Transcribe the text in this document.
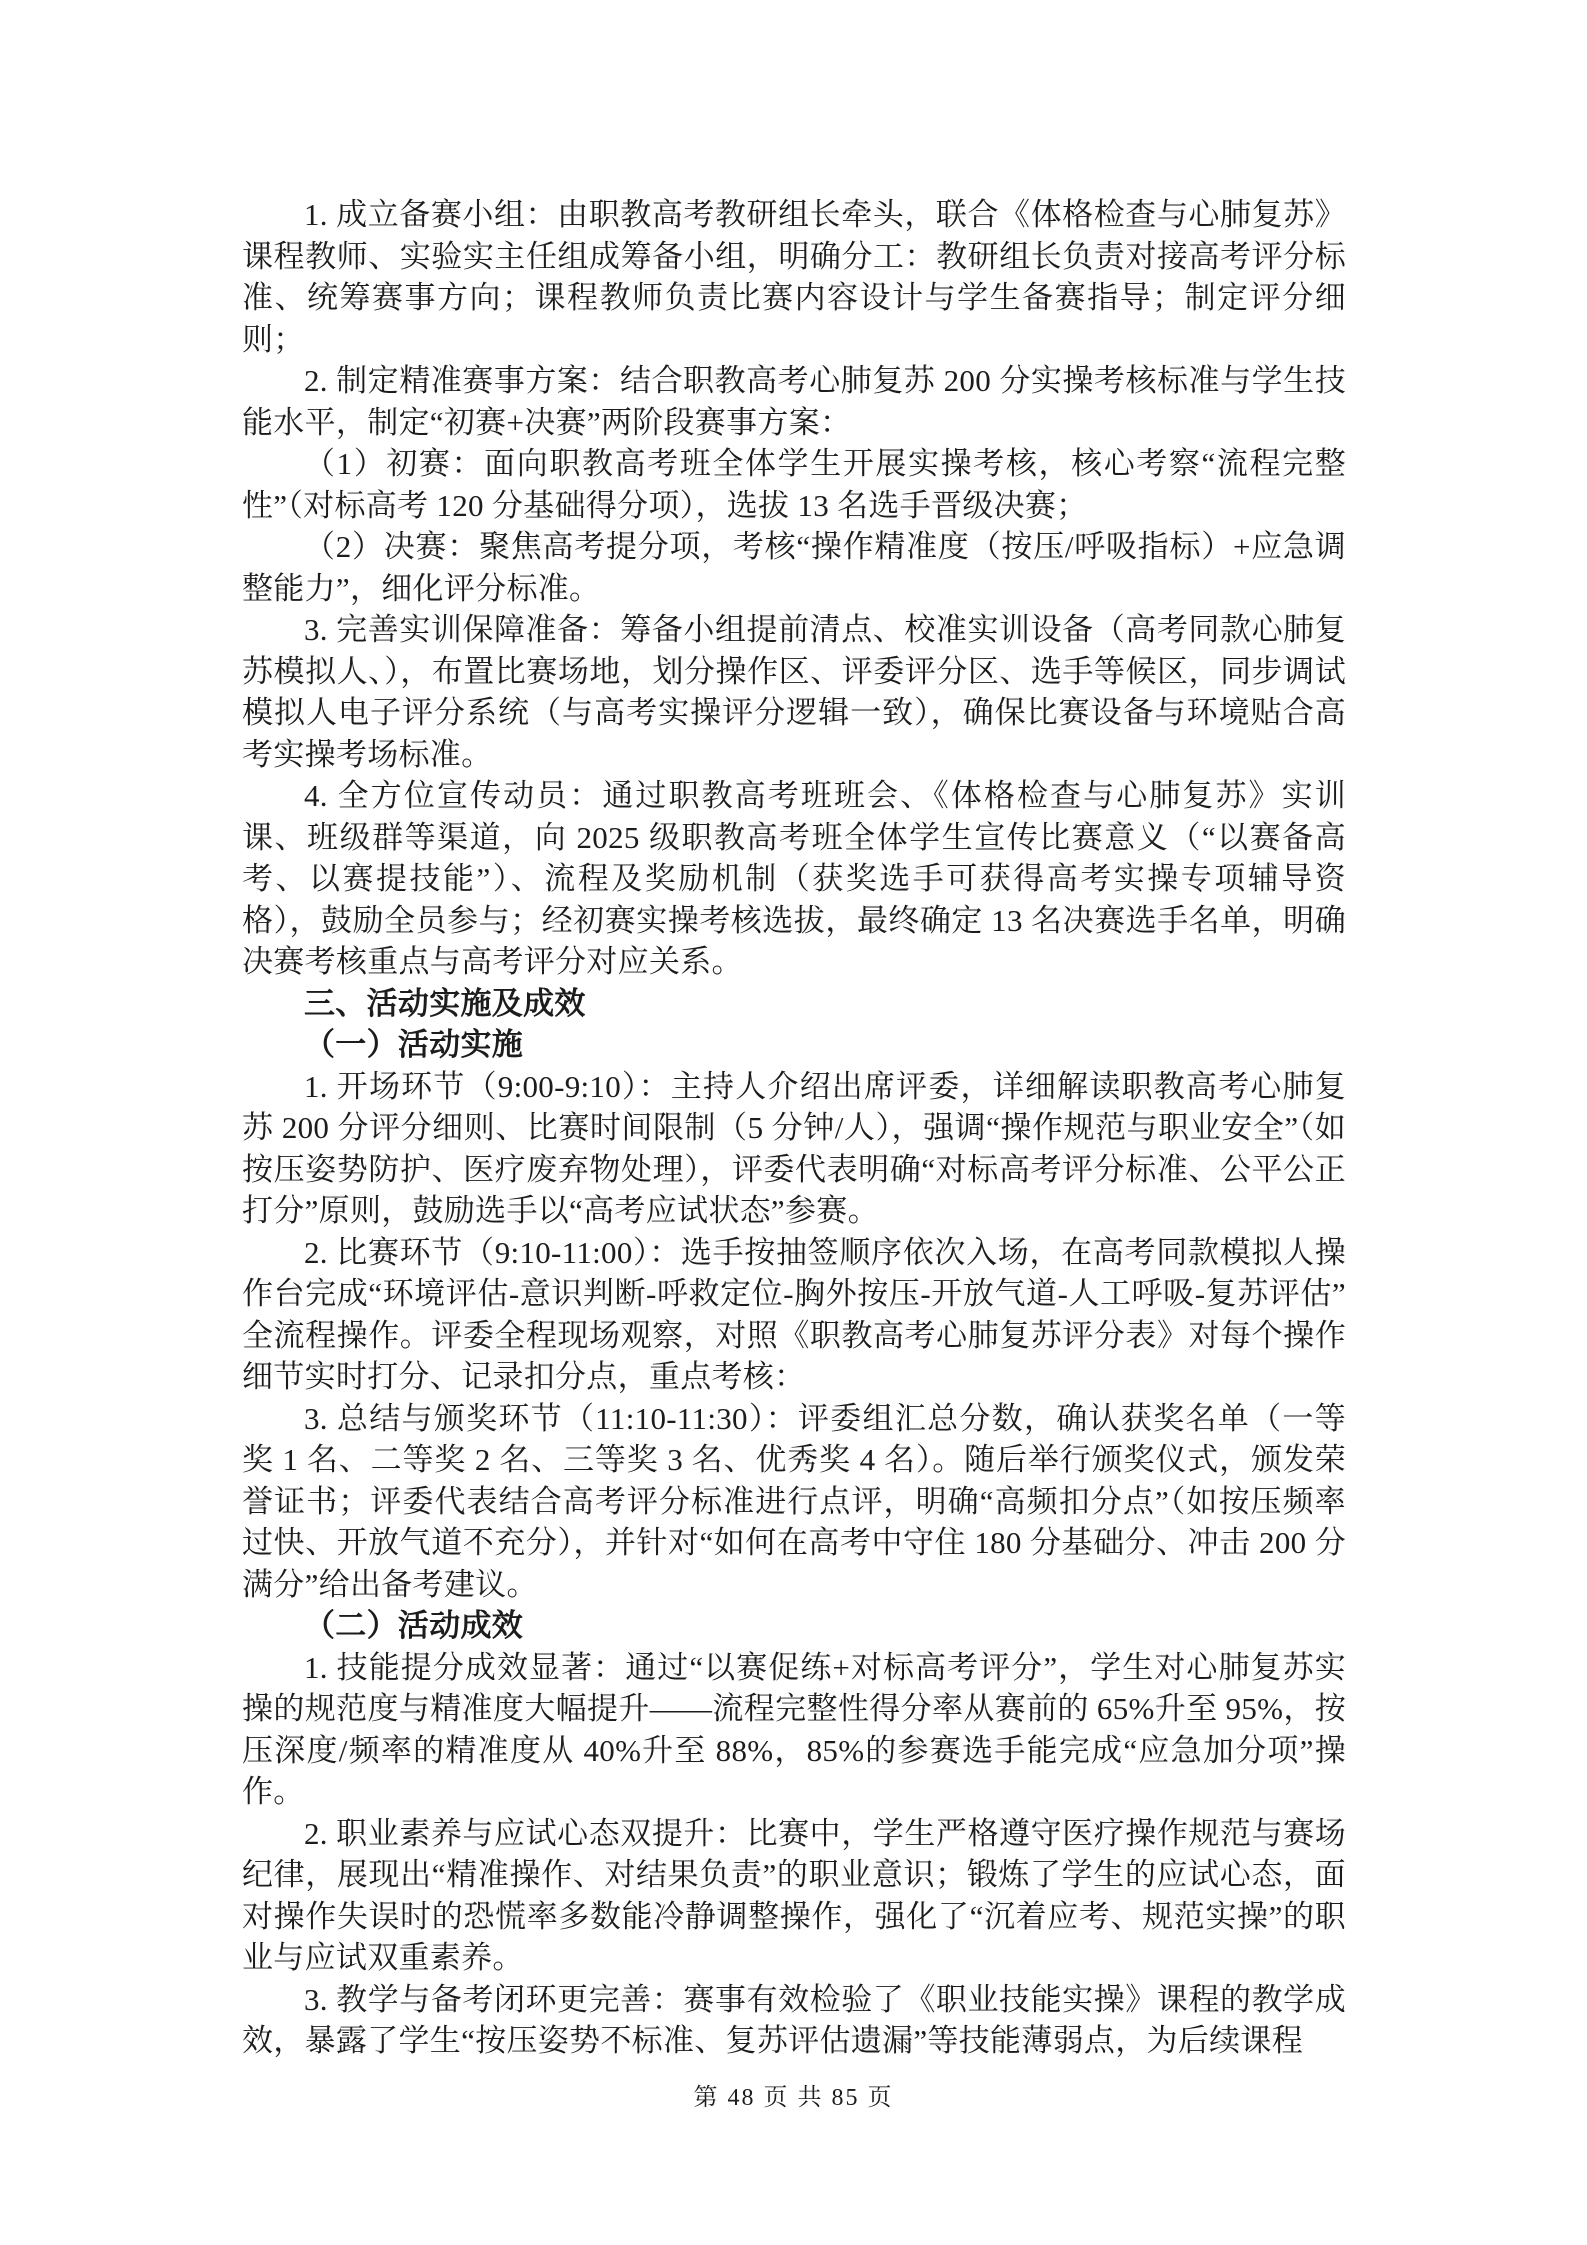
1. 成立备赛小组：由职教高考教研组长牵头，联合《体格检查与心肺复苏》课程教师、实验实主任组成筹备小组，明确分工：教研组长负责对接高考评分标准、统筹赛事方向；课程教师负责比赛内容设计与学生备赛指导；制定评分细则；

2. 制定精准赛事方案：结合职教高考心肺复苏 200 分实操考核标准与学生技能水平，制定“初赛+决赛”两阶段赛事方案：

（1）初赛：面向职教高考班全体学生开展实操考核，核心考察“流程完整性”（对标高考 120 分基础得分项），选拔 13 名选手晋级决赛；

（2）决赛：聚焦高考提分项，考核“操作精准度（按压/呼吸指标）+应急调整能力”，细化评分标准。

3. 完善实训保障准备：筹备小组提前清点、校准实训设备（高考同款心肺复苏模拟人、），布置比赛场地，划分操作区、评委评分区、选手等候区，同步调试模拟人电子评分系统（与高考实操评分逻辑一致），确保比赛设备与环境贴合高考实操考场标准。

4. 全方位宣传动员：通过职教高考班班会、《体格检查与心肺复苏》实训课、班级群等渠道，向 2025 级职教高考班全体学生宣传比赛意义（“以赛备高考、以赛提技能”）、流程及奖励机制（获奖选手可获得高考实操专项辅导资格），鼓励全员参与；经初赛实操考核选拔，最终确定 13 名决赛选手名单，明确决赛考核重点与高考评分对应关系。

三、活动实施及成效

（一）活动实施

1. 开场环节（9:00-9:10）：主持人介绍出席评委，详细解读职教高考心肺复苏 200 分评分细则、比赛时间限制（5 分钟/人），强调“操作规范与职业安全”（如按压姿势防护、医疗废弃物处理），评委代表明确“对标高考评分标准、公平公正打分”原则，鼓励选手以“高考应试状态”参赛。

2. 比赛环节（9:10-11:00）：选手按抽签顺序依次入场，在高考同款模拟人操作台完成“环境评估-意识判断-呼救定位-胸外按压-开放气道-人工呼吸-复苏评估”全流程操作。评委全程现场观察，对照《职教高考心肺复苏评分表》对每个操作细节实时打分、记录扣分点，重点考核：

3. 总结与颁奖环节（11:10-11:30）：评委组汇总分数，确认获奖名单（一等奖 1 名、二等奖 2 名、三等奖 3 名、优秀奖 4 名）。随后举行颁奖仪式，颁发荣誉证书；评委代表结合高考评分标准进行点评，明确“高频扣分点”（如按压频率过快、开放气道不充分），并针对“如何在高考中守住 180 分基础分、冲击 200 分满分”给出备考建议。

（二）活动成效

1. 技能提分成效显著：通过“以赛促练+对标高考评分”，学生对心肺复苏实操的规范度与精准度大幅提升——流程完整性得分率从赛前的 65%升至 95%，按压深度/频率的精准度从 40%升至 88%，85%的参赛选手能完成“应急加分项”操作。

2. 职业素养与应试心态双提升：比赛中，学生严格遵守医疗操作规范与赛场纪律，展现出“精准操作、对结果负责”的职业意识；锻炼了学生的应试心态，面对操作失误时的恐慌率多数能冷静调整操作，强化了“沉着应考、规范实操”的职业与应试双重素养。

3. 教学与备考闭环更完善：赛事有效检验了《职业技能实操》课程的教学成效，暴露了学生“按压姿势不标准、复苏评估遗漏”等技能薄弱点，为后续课程

第 48 页 共 85 页
